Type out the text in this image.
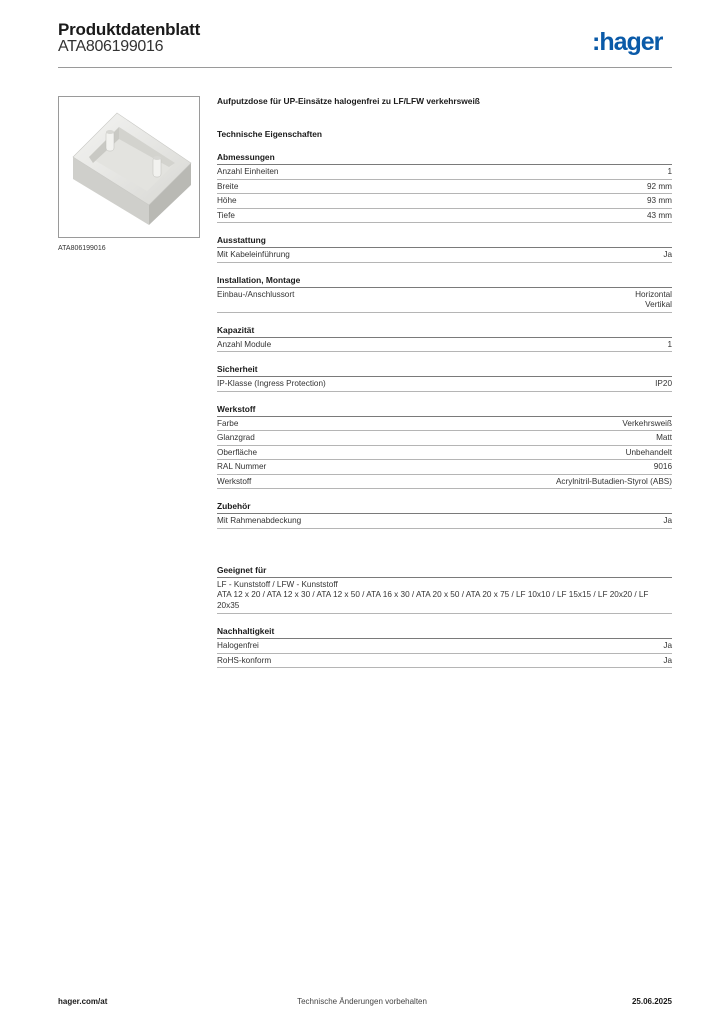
Produktdatenblatt
ATA806199016	:hager
ATA806199016

Aufputzdose für UP-Einsätze halogenfrei zu LF/LFW verkehrsweiß

Technische Eigenschaften

Abmessungen
Anzahl Einheiten	1
Breite	92 mm
Höhe	93 mm
Tiefe	43 mm
Ausstattung
Mit Kabeleinführung	Ja
Installation, Montage
Einbau-/Anschlussort	Horizontal
Vertikal
Kapazität
Anzahl Module	1
Sicherheit
IP-Klasse (Ingress Protection)	IP20
Werkstoff
Farbe	Verkehrsweiß
Glanzgrad	Matt
Oberfläche	Unbehandelt
RAL Nummer	9016
Werkstoff	Acrylnitril-Butadien-Styrol (ABS)
Zubehör
Mit Rahmenabdeckung	Ja
Geeignet für
LF - Kunststoff / LFW - Kunststoff
ATA 12 x 20 / ATA 12 x 30 / ATA 12 x 50 / ATA 16 x 30 / ATA 20 x 50 / ATA 20 x 75 / LF 10x10 / LF 15x15 / LF 20x20 / LF 20x35
Nachhaltigkeit
Halogenfrei	Ja
RoHS-konform	Ja
hager.com/at	Technische Änderungen vorbehalten	25.06.2025
